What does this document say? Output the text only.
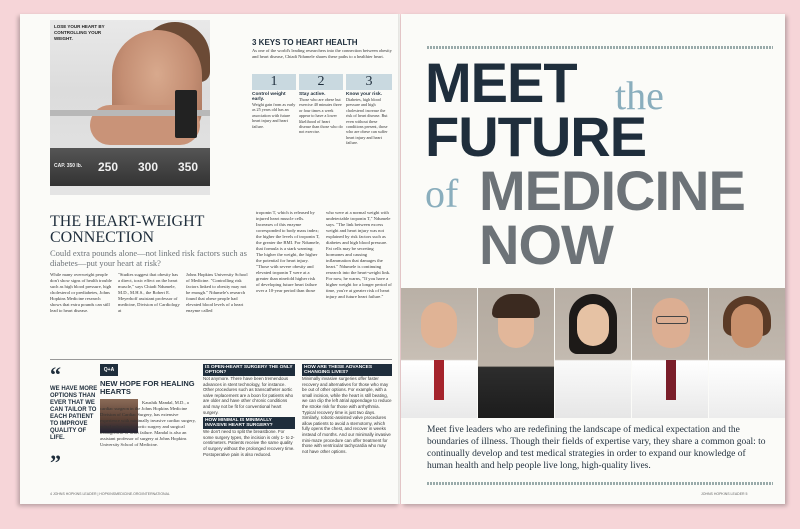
CAP. 350 lb. 250 300 350
LOSE YOUR HEART BY CONTROLLING YOUR WEIGHT.	3 KEYS TO HEART HEALTH
As one of the world's leading researchers into the connection between obesity and heart disease, Chiadi Ndumele shares these paths to a healthier heart.
1
Control weight early.
Weight gain from as early as 25 years old has an association with future heart injury and heart failure.
2
Stay active.
Those who are obese but exercise 40 minutes three or four times a week appear to have a lower likelihood of heart disease than those who do not exercise.
3
Know your risk.
Diabetes, high blood pressure and high cholesterol increase the risk of heart disease. But even without these conditions present, those who are obese can suffer heart injury and heart failure.
THE HEART-WEIGHT CONNECTION
Could extra pounds alone—not linked risk factors such as diabetes—put your heart at risk?
While many overweight people don't show signs of health trouble such as high blood pressure, high cholesterol or prediabetes, Johns Hopkins Medicine research shows that extra pounds can still lead to heart disease.
"Studies suggest that obesity has a direct, toxic effect on the heart muscle," says Chiadi Ndumele, M.D., M.H.S., the Robert E. Meyerhoff assistant professor of medicine, Division of Cardiology at
Johns Hopkins University School of Medicine. "Controlling risk factors linked to obesity may not be enough." Ndumele's research found that obese people had elevated blood levels of a heart enzyme called
troponin T, which is released by injured heart muscle cells. Increases of this enzyme corresponded to body mass index; the higher the levels of troponin T, the greater the BMI. For Ndumele, that formula is a stark warning: The higher the weight, the higher the potential for heart injury. "Those with severe obesity and elevated troponin T were at a greater than ninefold higher risk of developing future heart failure over a 10-year period than those
who were at a normal weight with undetectable troponin T," Ndumele says. "The link between excess weight and heart injury was not explained by risk factors such as diabetes and high blood pressure. Fat cells may be secreting hormones and causing inflammation that damages the heart." Ndumele is continuing research into the heart-weight link. For now, he warns, "If you have a higher weight for a longer period of time, you're at greater risk of heart injury and future heart failure."
“
WE HAVE MORE OPTIONS THAN EVER THAT WE CAN TAILOR TO EACH PATIENT TO IMPROVE QUALITY OF LIFE.
”
Q+A
NEW HOPE FOR HEALING HEARTS
Kaushik Mandal, M.D., a cardiac surgeon in the Johns Hopkins Medicine Division of Cardiac Surgery, has extensive experience with minimally invasive cardiac surgery, mitral valve repair, aortic surgery and surgical management of heart failure. Mandal is also an assistant professor of surgery at Johns Hopkins University School of Medicine.
IS OPEN-HEART SURGERY THE ONLY OPTION?
Not anymore. There have been tremendous advances in stent technology, for instance. Other procedures such as transcatheter aortic valve replacement are a boon for patients who are older and have other chronic conditions and may not be fit for conventional heart surgery.
HOW MINIMAL IS MINIMALLY INVASIVE HEART SURGERY?
We don't need to split the breastbone. For some surgery types, the incision is only 1- to 2-centimeters. Patients receive the same quality of surgery without the prolonged recovery time. Postoperative pain is also reduced.
HOW ARE THESE ADVANCES CHANGING LIVES?
Minimally invasive surgeries offer faster recovery and alternatives for those who may be out of other options. For example, with a small incision, while the heart is still beating, we can clip the left atrial appendage to reduce the stroke risk for those with arrhythmia. Typical recovery time is just two days. Similarly, robotic-assisted valve procedures allow patients to avoid a sternotomy, which fully opens the chest, and recover in weeks instead of months. And our minimally invasive mini-maze procedure can offer treatment for those with ventricular tachycardia who may not have other options.
4 JOHNS HOPKINS LEADER | HOPKINSMEDICINE.ORG/INTERNATIONAL
MEET the
FUTURE
of MEDICINE
NOW
Meet five leaders who are redefining the landscape of medical expectation and the boundaries of illness. Though their fields of expertise vary, they share a common goal: to continually develop and test medical strategies in order to expand our knowledge of human health and help people live long, high-quality lives.
JOHNS HOPKINS LEADER 5
